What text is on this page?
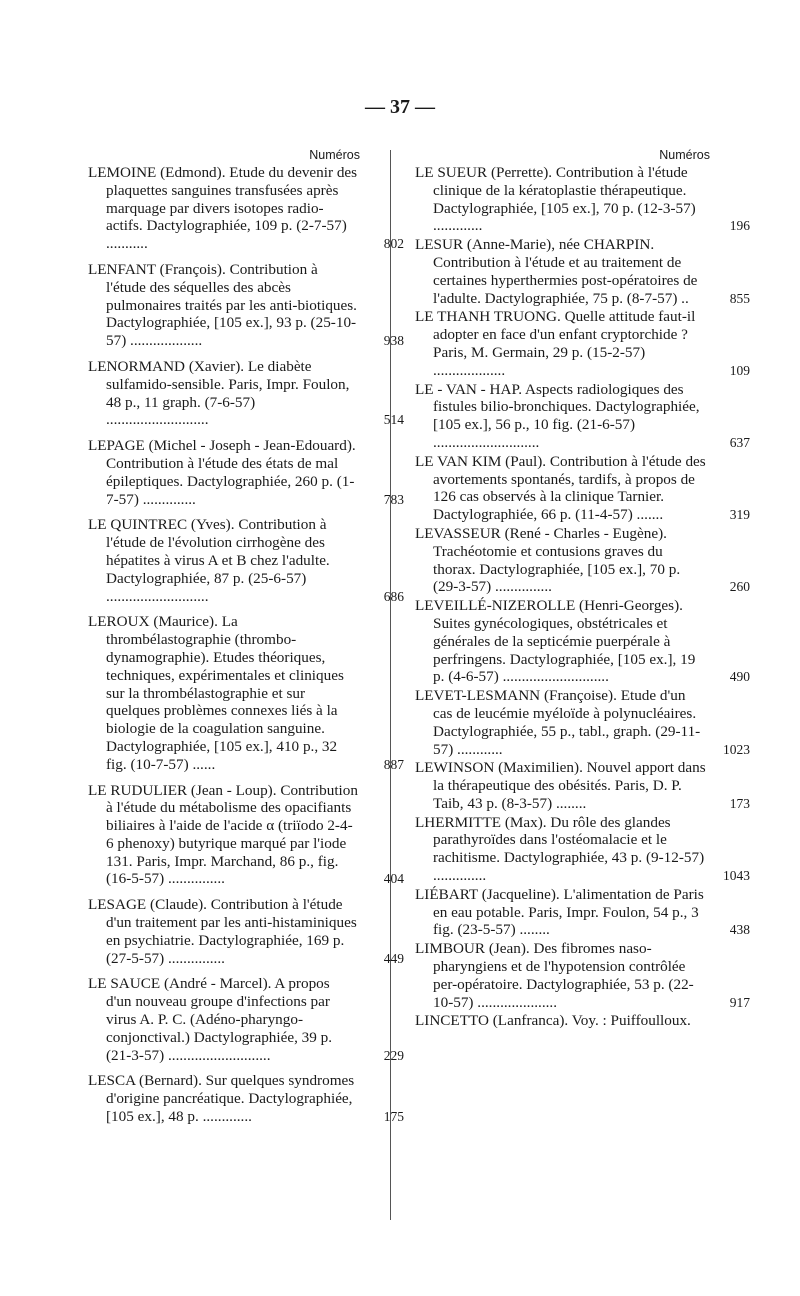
— 37 —
Numéros
LEMOINE (Edmond). Etude du devenir des plaquettes sanguines transfusées après marquage par divers isotopes radio-actifs. Dactylographiée, 109 p. (2-7-57) ...........	802
LENFANT (François). Contribution à l'étude des séquelles des abcès pulmonaires traités par les anti-biotiques. Dactylographiée, [105 ex.], 93 p. (25-10-57) ...................	938
LENORMAND (Xavier). Le diabète sulfamido-sensible. Paris, Impr. Foulon, 48 p., 11 graph. (7-6-57) ...........................	514
LEPAGE (Michel - Joseph - Jean-Edouard). Contribution à l'étude des états de mal épileptiques. Dactylographiée, 260 p. (1-7-57) ..............	783
LE QUINTREC (Yves). Contribution à l'étude de l'évolution cirrhogène des hépatites à virus A et B chez l'adulte. Dactylographiée, 87 p. (25-6-57) ...........................	686
LEROUX (Maurice). La thrombélastographie (thrombo-dynamographie). Etudes théoriques, techniques, expérimentales et cliniques sur la thrombélastographie et sur quelques problèmes connexes liés à la biologie de la coagulation sanguine. Dactylographiée, [105 ex.], 410 p., 32 fig. (10-7-57) ......	887
LE RUDULIER (Jean - Loup). Contribution à l'étude du métabolisme des opacifiants biliaires à l'aide de l'acide α (triïodo 2-4-6 phenoxy) butyrique marqué par l'iode 131. Paris, Impr. Marchand, 86 p., fig. (16-5-57) ...............	404
LESAGE (Claude). Contribution à l'étude d'un traitement par les anti-histaminiques en psychiatrie. Dactylographiée, 169 p. (27-5-57) ...............	449
LE SAUCE (André - Marcel). A propos d'un nouveau groupe d'infections par virus A. P. C. (Adéno-pharyngo-conjonctival.) Dactylographiée, 39 p. (21-3-57) ...........................	229
LESCA (Bernard). Sur quelques syndromes d'origine pancréatique. Dactylographiée, [105 ex.], 48 p. .............	175
Numéros
LE SUEUR (Perrette). Contribution à l'étude clinique de la kératoplastie thérapeutique. Dactylographiée, [105 ex.], 70 p. (12-3-57) .............	196
LESUR (Anne-Marie), née CHARPIN. Contribution à l'étude et au traitement de certaines hyperthermies post-opératoires de l'adulte. Dactylographiée, 75 p. (8-7-57) ..	855
LE THANH TRUONG. Quelle attitude faut-il adopter en face d'un enfant cryptorchide ? Paris, M. Germain, 29 p. (15-2-57) ...................	109
LE - VAN - HAP. Aspects radiologiques des fistules bilio-bronchiques. Dactylographiée, [105 ex.], 56 p., 10 fig. (21-6-57) ............................	637
LE VAN KIM (Paul). Contribution à l'étude des avortements spontanés, tardifs, à propos de 126 cas observés à la clinique Tarnier. Dactylographiée, 66 p. (11-4-57) .......	319
LEVASSEUR (René - Charles - Eugène). Trachéotomie et contusions graves du thorax. Dactylographiée, [105 ex.], 70 p. (29-3-57) ...............	260
LEVEILLÉ-NIZEROLLE (Henri-Georges). Suites gynécologiques, obstétricales et générales de la septicémie puerpérale à perfringens. Dactylographiée, [105 ex.], 19 p. (4-6-57) ............................	490
LEVET-LESMANN (Françoise). Etude d'un cas de leucémie myéloïde à polynucléaires. Dactylographiée, 55 p., tabl., graph. (29-11-57) ............	1023
LEWINSON (Maximilien). Nouvel apport dans la thérapeutique des obésités. Paris, D. P. Taib, 43 p. (8-3-57) ........	173
LHERMITTE (Max). Du rôle des glandes parathyroïdes dans l'ostéomalacie et le rachitisme. Dactylographiée, 43 p. (9-12-57) ..............	1043
LIÉBART (Jacqueline). L'alimentation de Paris en eau potable. Paris, Impr. Foulon, 54 p., 3 fig. (23-5-57) ........	438
LIMBOUR (Jean). Des fibromes naso-pharyngiens et de l'hypotension contrôlée per-opératoire. Dactylographiée, 53 p. (22-10-57) .....................	917
LINCETTO (Lanfranca). Voy. : Puiffoulloux.
